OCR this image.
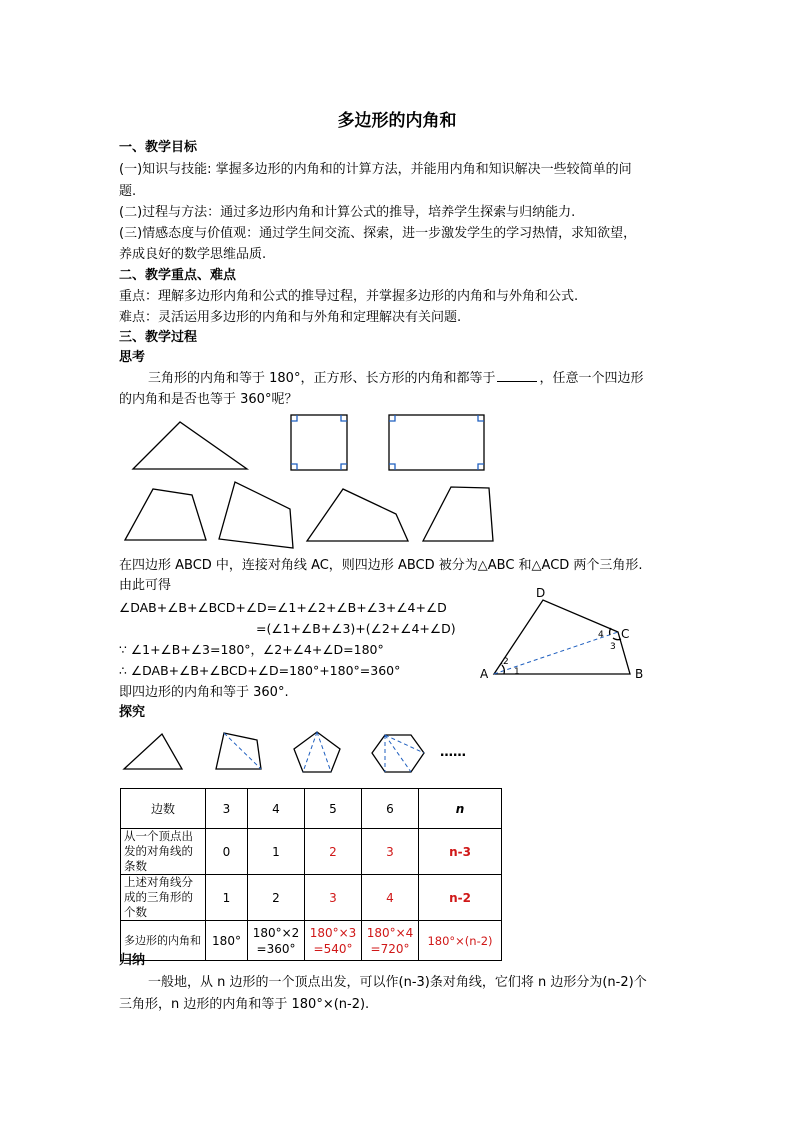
多边形的内角和
一、教学目标
(一)知识与技能: 掌握多边形的内角和的计算方法，并能用内角和知识解决一些较简单的问
题.
(二)过程与方法：通过多边形内角和计算公式的推导，培养学生探索与归纳能力.
(三)情感态度与价值观：通过学生间交流、探索，进一步激发学生的学习热情，求知欲望，
养成良好的数学思维品质.
二、教学重点、难点
重点：理解多边形内角和公式的推导过程，并掌握多边形的内角和与外角和公式.
难点：灵活运用多边形的内角和与外角和定理解决有关问题.
三、教学过程
思考
三角形的内角和等于 180°，正方形、长方形的内角和都等于	，任意一个四边形
的内角和是否也等于 360°呢？
在四边形 ABCD 中，连接对角线 AC，则四边形 ABCD 被分为△ABC 和△ACD 两个三角形.
由此可得
∠DAB+∠B+∠BCD+∠D=∠1+∠2+∠B+∠3+∠4+∠D
=(∠1+∠B+∠3)+(∠2+∠4+∠D)
∵ ∠1+∠B+∠3=180°，∠2+∠4+∠D=180°
∴ ∠DAB+∠B+∠BCD+∠D=180°+180°=360°
即四边形的内角和等于 360°.
A	B
C
D
1
2
3
4
探究
……
边数	3	4	5	6	n
从一个顶点出发的对角线的条数	0	1	2	3	n-3
上述对角线分成的三角形的个数	1	2	3	4	n-2
多边形的内角和	180°	180°×2 =360°	180°×3 =540°	180°×4 =720°	180°×(n-2)
归纳
一般地，从 n 边形的一个顶点出发，可以作(n-3)条对角线，它们将 n 边形分为(n-2)个
三角形，n 边形的内角和等于 180°×(n-2).
